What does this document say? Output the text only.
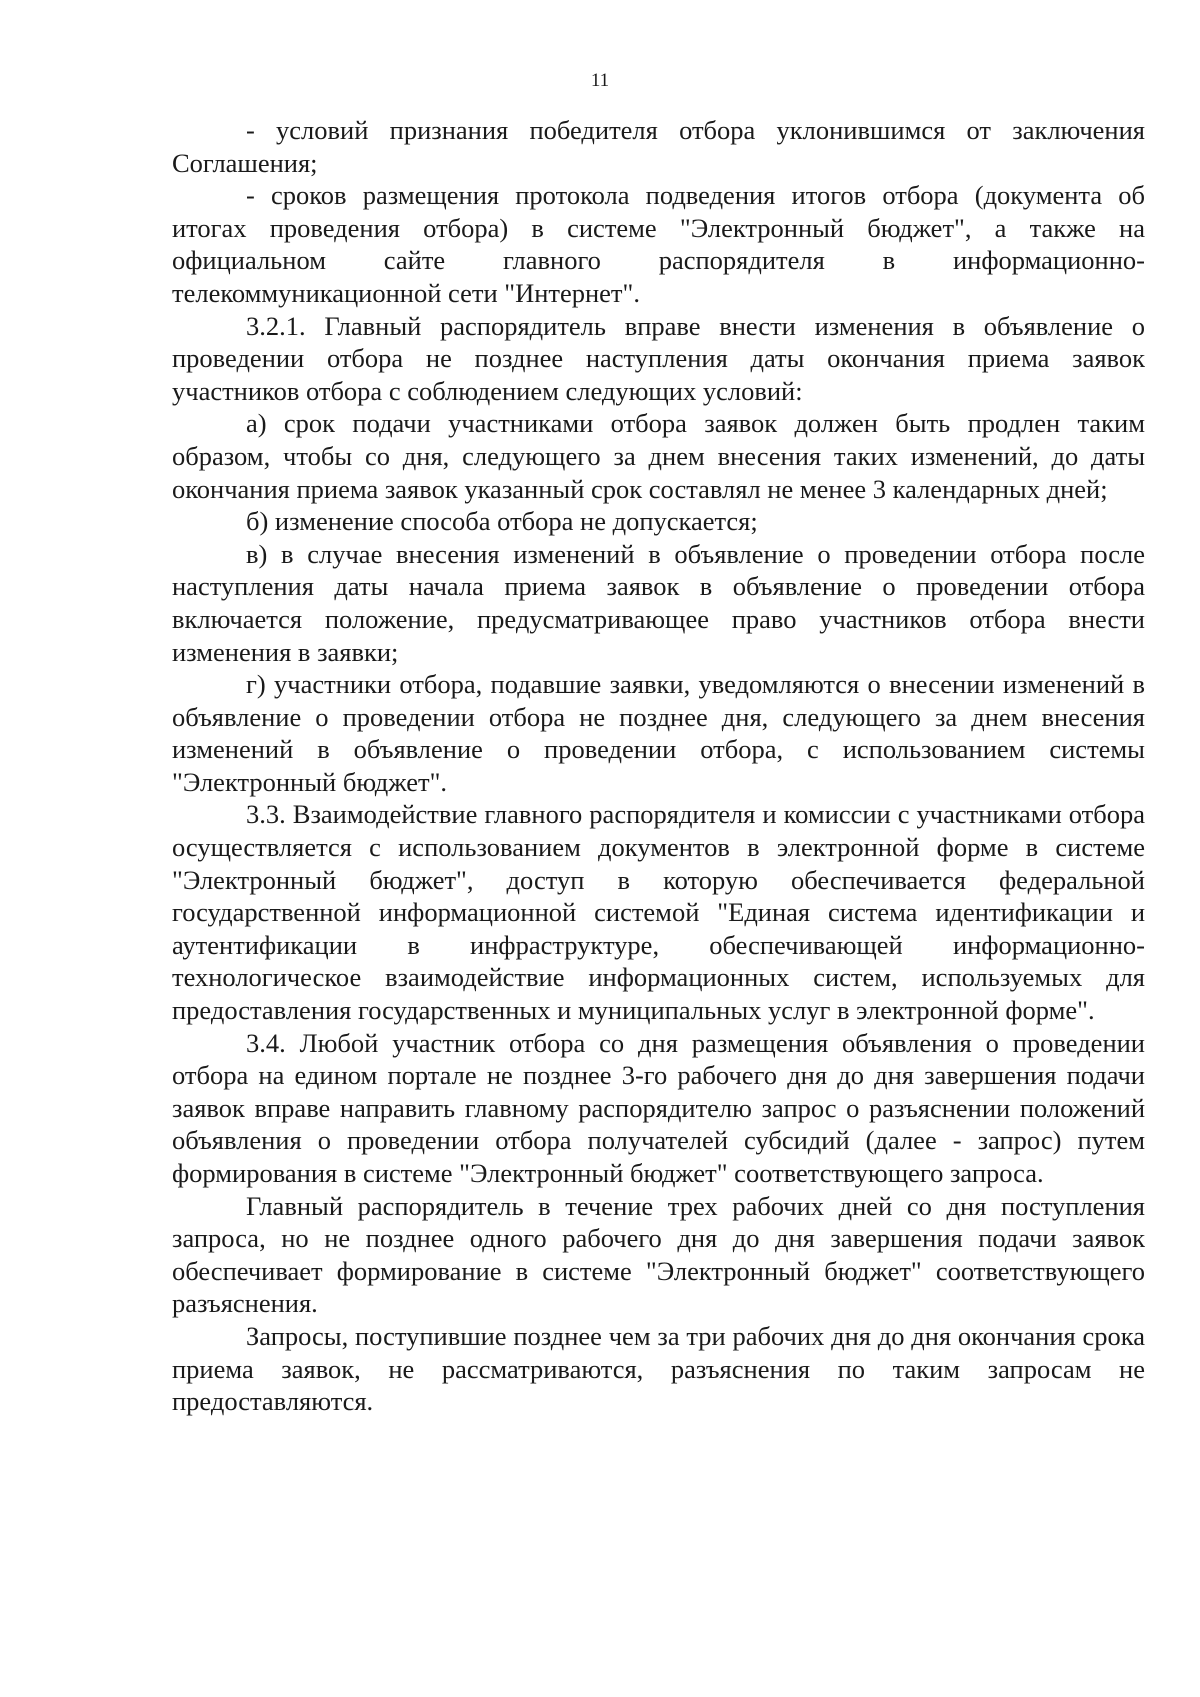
11

- условий признания победителя отбора уклонившимся от заключения Соглашения;

- сроков размещения протокола подведения итогов отбора (документа об итогах проведения отбора) в системе "Электронный бюджет", а также на официальном сайте главного распорядителя в информационно-телекоммуникационной сети "Интернет".

3.2.1. Главный распорядитель вправе внести изменения в объявление о проведении отбора не позднее наступления даты окончания приема заявок участников отбора с соблюдением следующих условий:

а) срок подачи участниками отбора заявок должен быть продлен таким образом, чтобы со дня, следующего за днем внесения таких изменений, до даты окончания приема заявок указанный срок составлял не менее 3 календарных дней;

б) изменение способа отбора не допускается;

в) в случае внесения изменений в объявление о проведении отбора после наступления даты начала приема заявок в объявление о проведении отбора включается положение, предусматривающее право участников отбора внести изменения в заявки;

г) участники отбора, подавшие заявки, уведомляются о внесении изменений в объявление о проведении отбора не позднее дня, следующего за днем внесения изменений в объявление о проведении отбора, с использованием системы "Электронный бюджет".

3.3. Взаимодействие главного распорядителя и комиссии с участниками отбора осуществляется с использованием документов в электронной форме в системе "Электронный бюджет", доступ в которую обеспечивается федеральной государственной информационной системой "Единая система идентификации и аутентификации в инфраструктуре, обеспечивающей информационно-технологическое взаимодействие информационных систем, используемых для предоставления государственных и муниципальных услуг в электронной форме".

3.4. Любой участник отбора со дня размещения объявления о проведении отбора на едином портале не позднее 3-го рабочего дня до дня завершения подачи заявок вправе направить главному распорядителю запрос о разъяснении положений объявления о проведении отбора получателей субсидий (далее - запрос) путем формирования в системе "Электронный бюджет" соответствующего запроса.

Главный распорядитель в течение трех рабочих дней со дня поступления запроса, но не позднее одного рабочего дня до дня завершения подачи заявок обеспечивает формирование в системе "Электронный бюджет" соответствующего разъяснения.

Запросы, поступившие позднее чем за три рабочих дня до дня окончания срока приема заявок, не рассматриваются, разъяснения по таким запросам не предоставляются.
